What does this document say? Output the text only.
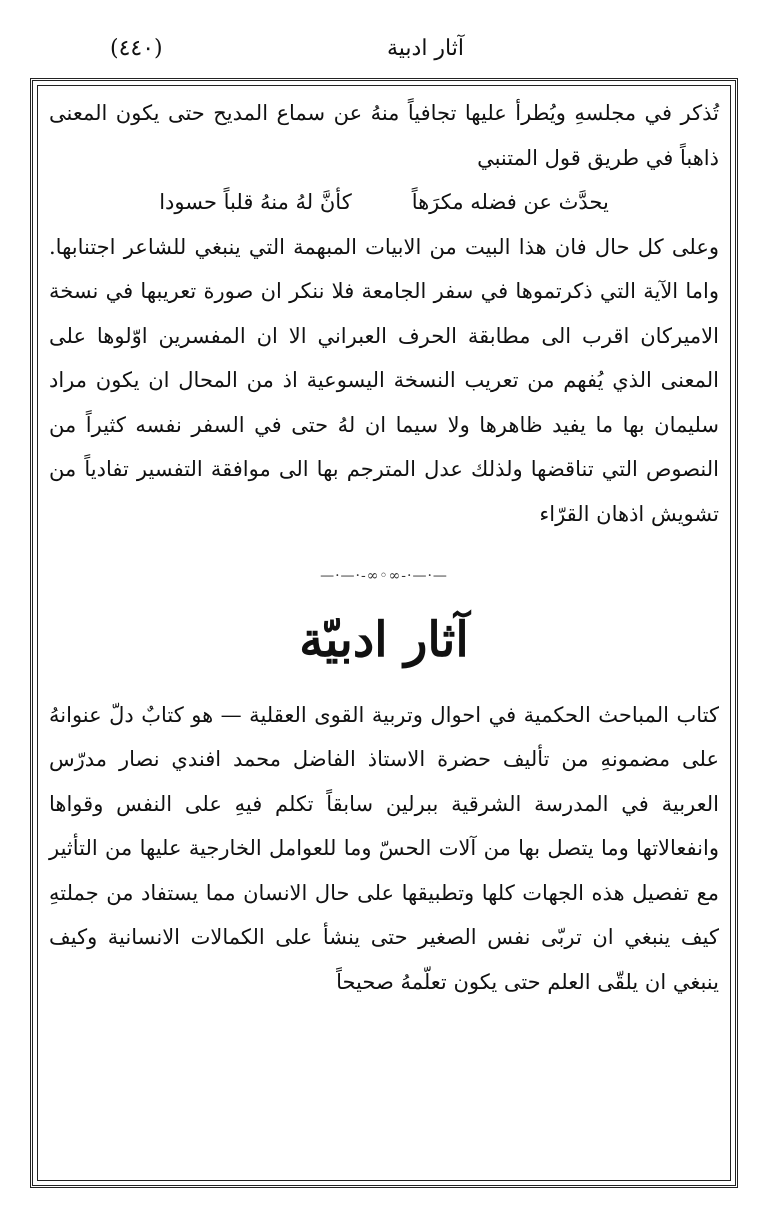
آثار ادبية
(٤٤٠)

تُذكر في مجلسهِ ويُطرأ عليها تجافياً منهُ عن سماع المديح حتى يكون المعنى ذاهباً في طريق قول المتنبي

يحدَّث عن فضله مكرَهاً
كأنَّ لهُ منهُ قلباً حسودا

وعلى كل حال فان هذا البيت من الابيات المبهمة التي ينبغي للشاعر اجتنابها. واما الآية التي ذكرتموها في سفر الجامعة فلا ننكر ان صورة تعريبها في نسخة الاميركان اقرب الى مطابقة الحرف العبراني الا ان المفسرين اوّلوها على المعنى الذي يُفهم من تعريب النسخة اليسوعية اذ من المحال ان يكون مراد سليمان بها ما يفيد ظاهرها ولا سيما ان لهُ حتى في السفر نفسه كثيراً من النصوص التي تناقضها ولذلك عدل المترجم بها الى موافقة التفسير تفادياً من تشويش اذهان القرّاء

—·—·-∞◦∞-·—·—
آثار ادبيّة

كتاب المباحث الحكمية في احوال وتربية القوى العقلية — هو كتابٌ دلّ عنوانهُ على مضمونهِ من تأليف حضرة الاستاذ الفاضل محمد افندي نصار مدرّس العربية في المدرسة الشرقية ببرلين سابقاً تكلم فيهِ على النفس وقواها وانفعالاتها وما يتصل بها من آلات الحسّ وما للعوامل الخارجية عليها من التأثير مع تفصيل هذه الجهات كلها وتطبيقها على حال الانسان مما يستفاد من جملتهِ كيف ينبغي ان تربّى نفس الصغير حتى ينشأ على الكمالات الانسانية وكيف ينبغي ان يلقّى العلم حتى يكون تعلّمهُ صحيحاً
